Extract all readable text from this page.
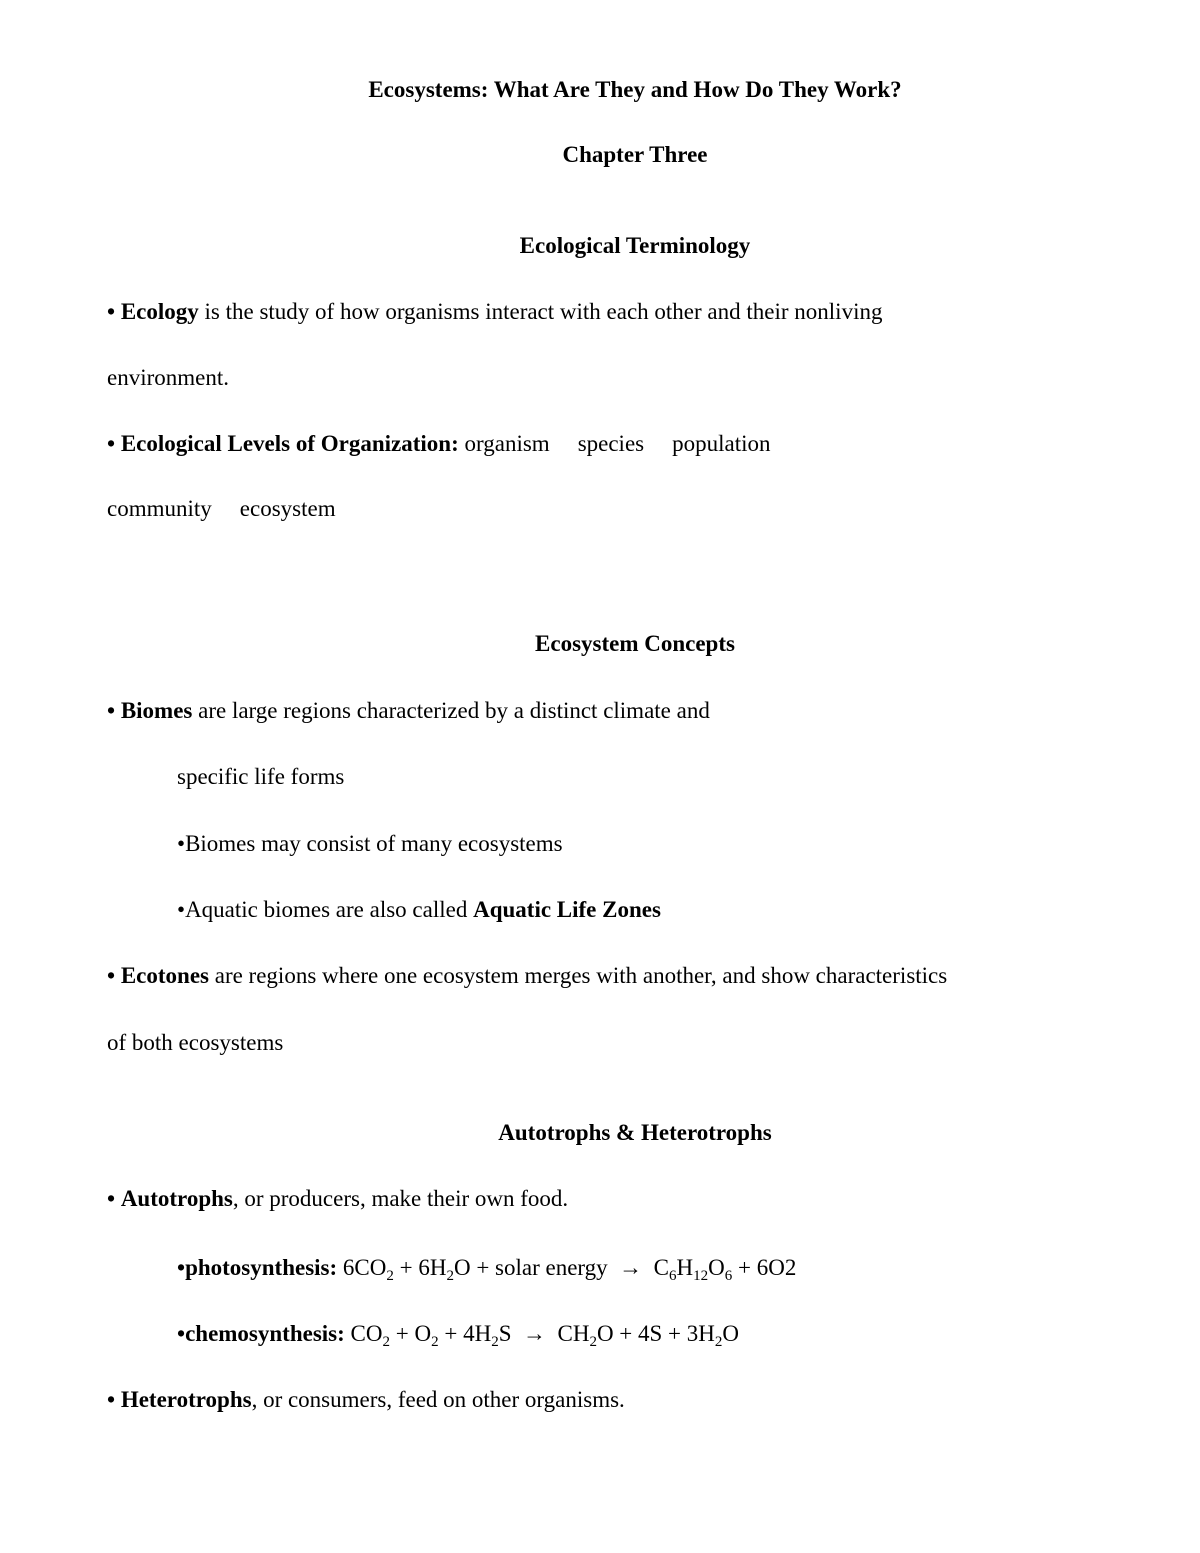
Ecosystems: What Are They and How Do They Work?
Chapter Three
Ecological Terminology
• Ecology is the study of how organisms interact with each other and their nonliving
environment.
• Ecological Levels of Organization: organism species population
community ecosystem
Ecosystem Concepts
• Biomes are large regions characterized by a distinct climate and
specific life forms
•Biomes may consist of many ecosystems
•Aquatic biomes are also called Aquatic Life Zones
• Ecotones are regions where one ecosystem merges with another, and show characteristics
of both ecosystems
Autotrophs & Heterotrophs
• Autotrophs, or producers, make their own food.
•photosynthesis: $6CO_2 + 6H_2O$ + solar energy  →  $C_6H_{12}O_6 + 6O2$
•chemosynthesis: $CO_2 + O_2 + 4H_2S \to CH_2O + 4S + 3H_2O$
• Heterotrophs, or consumers, feed on other organisms.
